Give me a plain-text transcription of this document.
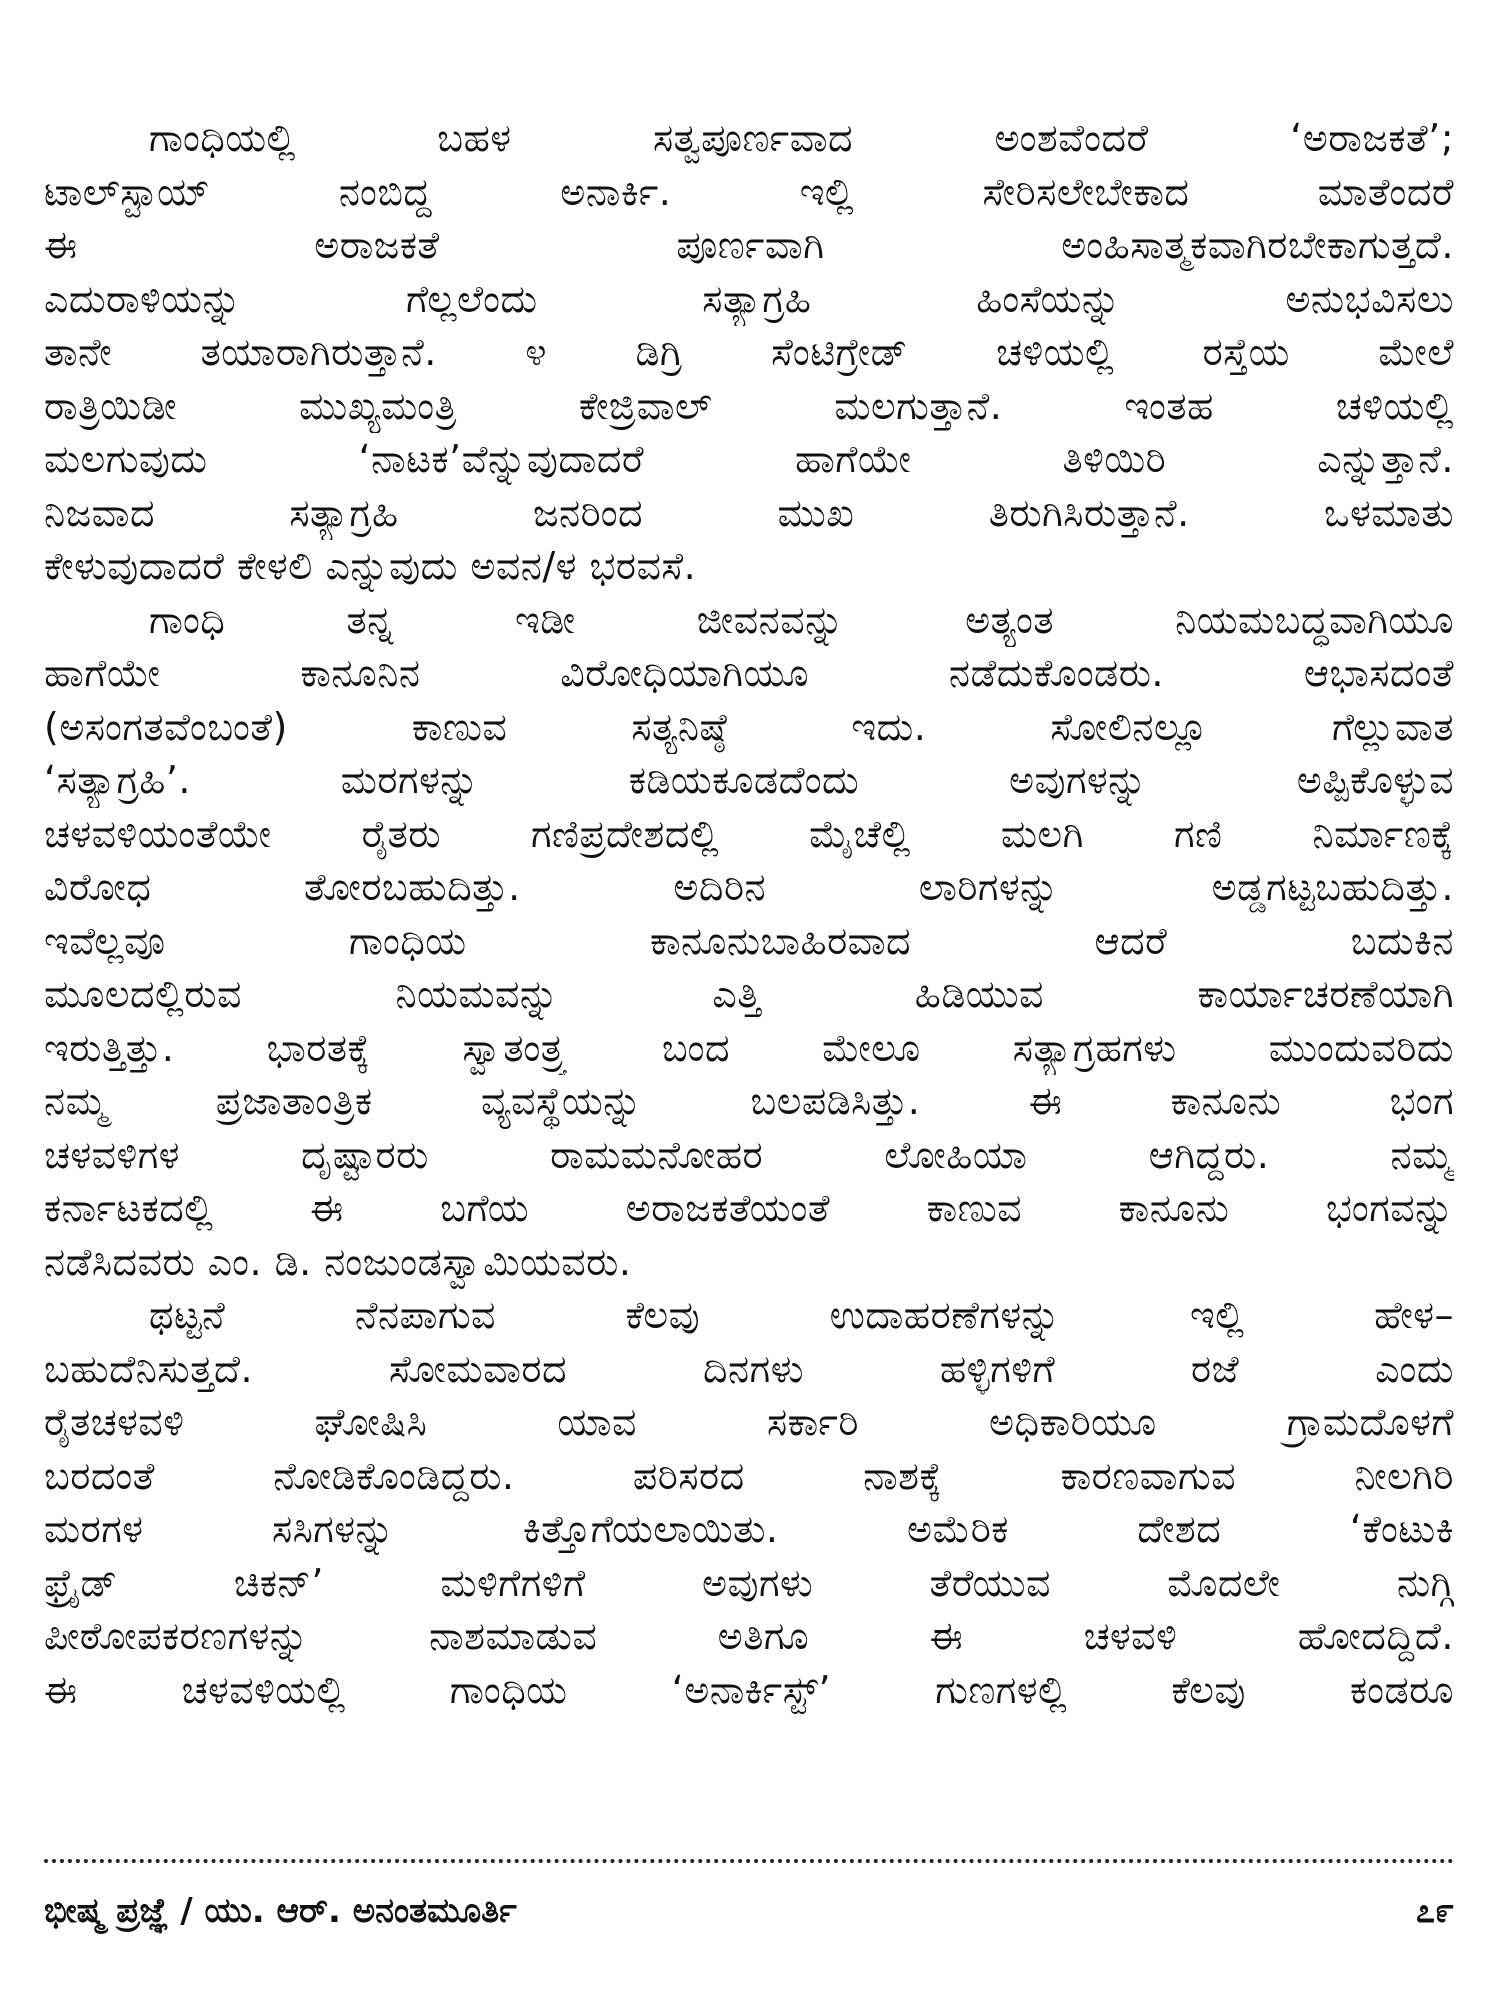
ಗಾಂಧಿಯಲ್ಲಿ ಬಹಳ ಸತ್ವಪೂರ್ಣವಾದ ಅಂಶವೆಂದರೆ ‘ಅರಾಜಕತೆ’;
ಟಾಲ್‌ಸ್ಟಾಯ್ ನಂಬಿದ್ದ ಅನಾರ್ಕಿ. ಇಲ್ಲಿ ಸೇರಿಸಲೇಬೇಕಾದ ಮಾತೆಂದರೆ
ಈ ಅರಾಜಕತೆ ಪೂರ್ಣವಾಗಿ ಅಂಹಿಸಾತ್ಮಕವಾಗಿರಬೇಕಾಗುತ್ತದೆ.
ಎದುರಾಳಿಯನ್ನು ಗೆಲ್ಲಲೆಂದು ಸತ್ಯಾಗ್ರಹಿ ಹಿಂಸೆಯನ್ನು ಅನುಭವಿಸಲು
ತಾನೇ ತಯಾರಾಗಿರುತ್ತಾನೆ. ೪ ಡಿಗ್ರಿ ಸೆಂಟಿಗ್ರೇಡ್ ಚಳಿಯಲ್ಲಿ ರಸ್ತೆಯ ಮೇಲೆ
ರಾತ್ರಿಯಿಡೀ ಮುಖ್ಯಮಂತ್ರಿ ಕೇಜ್ರಿವಾಲ್ ಮಲಗುತ್ತಾನೆ. ಇಂತಹ ಚಳಿಯಲ್ಲಿ
ಮಲಗುವುದು ‘ನಾಟಕ’ವೆನ್ನುವುದಾದರೆ ಹಾಗೆಯೇ ತಿಳಿಯಿರಿ ಎನ್ನುತ್ತಾನೆ.
ನಿಜವಾದ ಸತ್ಯಾಗ್ರಹಿ ಜನರಿಂದ ಮುಖ ತಿರುಗಿಸಿರುತ್ತಾನೆ. ಒಳಮಾತು
ಕೇಳುವುದಾದರೆ ಕೇಳಲಿ ಎನ್ನುವುದು ಅವನ/ಳ ಭರವಸೆ.
ಗಾಂಧಿ ತನ್ನ ಇಡೀ ಜೀವನವನ್ನು ಅತ್ಯಂತ ನಿಯಮಬದ್ಧವಾಗಿಯೂ
ಹಾಗೆಯೇ ಕಾನೂನಿನ ವಿರೋಧಿಯಾಗಿಯೂ ನಡೆದುಕೊಂಡರು. ಆಭಾಸದಂತೆ
(ಅಸಂಗತವೆಂಬಂತೆ) ಕಾಣುವ ಸತ್ಯನಿಷ್ಠೆ ಇದು. ಸೋಲಿನಲ್ಲೂ ಗೆಲ್ಲುವಾತ
‘ಸತ್ಯಾಗ್ರಹಿ’. ಮರಗಳನ್ನು ಕಡಿಯಕೂಡದೆಂದು ಅವುಗಳನ್ನು ಅಪ್ಪಿಕೊಳ್ಳುವ
ಚಳವಳಿಯಂತೆಯೇ ರೈತರು ಗಣಿಪ್ರದೇಶದಲ್ಲಿ ಮೈಚೆಲ್ಲಿ ಮಲಗಿ ಗಣಿ ನಿರ್ಮಾಣಕ್ಕೆ
ವಿರೋಧ ತೋರಬಹುದಿತ್ತು. ಅದಿರಿನ ಲಾರಿಗಳನ್ನು ಅಡ್ಡಗಟ್ಟಬಹುದಿತ್ತು.
ಇವೆಲ್ಲವೂ ಗಾಂಧಿಯ ಕಾನೂನುಬಾಹಿರವಾದ ಆದರೆ ಬದುಕಿನ
ಮೂಲದಲ್ಲಿರುವ ನಿಯಮವನ್ನು ಎತ್ತಿ ಹಿಡಿಯುವ ಕಾರ್ಯಾಚರಣೆಯಾಗಿ
ಇರುತ್ತಿತ್ತು. ಭಾರತಕ್ಕೆ ಸ್ವಾತಂತ್ರ್ಯ ಬಂದ ಮೇಲೂ ಸತ್ಯಾಗ್ರಹಗಳು ಮುಂದುವರಿದು
ನಮ್ಮ ಪ್ರಜಾತಾಂತ್ರಿಕ ವ್ಯವಸ್ಥೆಯನ್ನು ಬಲಪಡಿಸಿತ್ತು. ಈ ಕಾನೂನು ಭಂಗ
ಚಳವಳಿಗಳ ದೃಷ್ಟಾರರು ರಾಮಮನೋಹರ ಲೋಹಿಯಾ ಆಗಿದ್ದರು. ನಮ್ಮ
ಕರ್ನಾಟಕದಲ್ಲಿ ಈ ಬಗೆಯ ಅರಾಜಕತೆಯಂತೆ ಕಾಣುವ ಕಾನೂನು ಭಂಗವನ್ನು
ನಡೆಸಿದವರು ಎಂ. ಡಿ. ನಂಜುಂಡಸ್ವಾಮಿಯವರು.
ಥಟ್ಟನೆ ನೆನಪಾಗುವ ಕೆಲವು ಉದಾಹರಣೆಗಳನ್ನು ಇಲ್ಲಿ ಹೇಳ–
ಬಹುದೆನಿಸುತ್ತದೆ. ಸೋಮವಾರದ ದಿನಗಳು ಹಳ್ಳಿಗಳಿಗೆ ರಜೆ ಎಂದು
ರೈತಚಳವಳಿ ಘೋಷಿಸಿ ಯಾವ ಸರ್ಕಾರಿ ಅಧಿಕಾರಿಯೂ ಗ್ರಾಮದೊಳಗೆ
ಬರದಂತೆ ನೋಡಿಕೊಂಡಿದ್ದರು. ಪರಿಸರದ ನಾಶಕ್ಕೆ ಕಾರಣವಾಗುವ ನೀಲಗಿರಿ
ಮರಗಳ ಸಸಿಗಳನ್ನು ಕಿತ್ತೊಗೆಯಲಾಯಿತು. ಅಮೆರಿಕ ದೇಶದ ‘ಕೆಂಟುಕಿ
ಫ್ರೈಡ್ ಚಿಕನ್’ ಮಳಿಗೆಗಳಿಗೆ ಅವುಗಳು ತೆರೆಯುವ ಮೊದಲೇ ನುಗ್ಗಿ
ಪೀಠೋಪಕರಣಗಳನ್ನು ನಾಶಮಾಡುವ ಅತಿಗೂ ಈ ಚಳವಳಿ ಹೋದದ್ದಿದೆ.
ಈ ಚಳವಳಿಯಲ್ಲಿ ಗಾಂಧಿಯ ‘ಅನಾರ್ಕಿಸ್ಟ್’ ಗುಣಗಳಲ್ಲಿ ಕೆಲವು ಕಂಡರೂ
ಭೀಷ್ಮ ಪ್ರಜ್ಞೆ / ಯು. ಆರ್. ಅನಂತಮೂರ್ತಿ	೭೯
